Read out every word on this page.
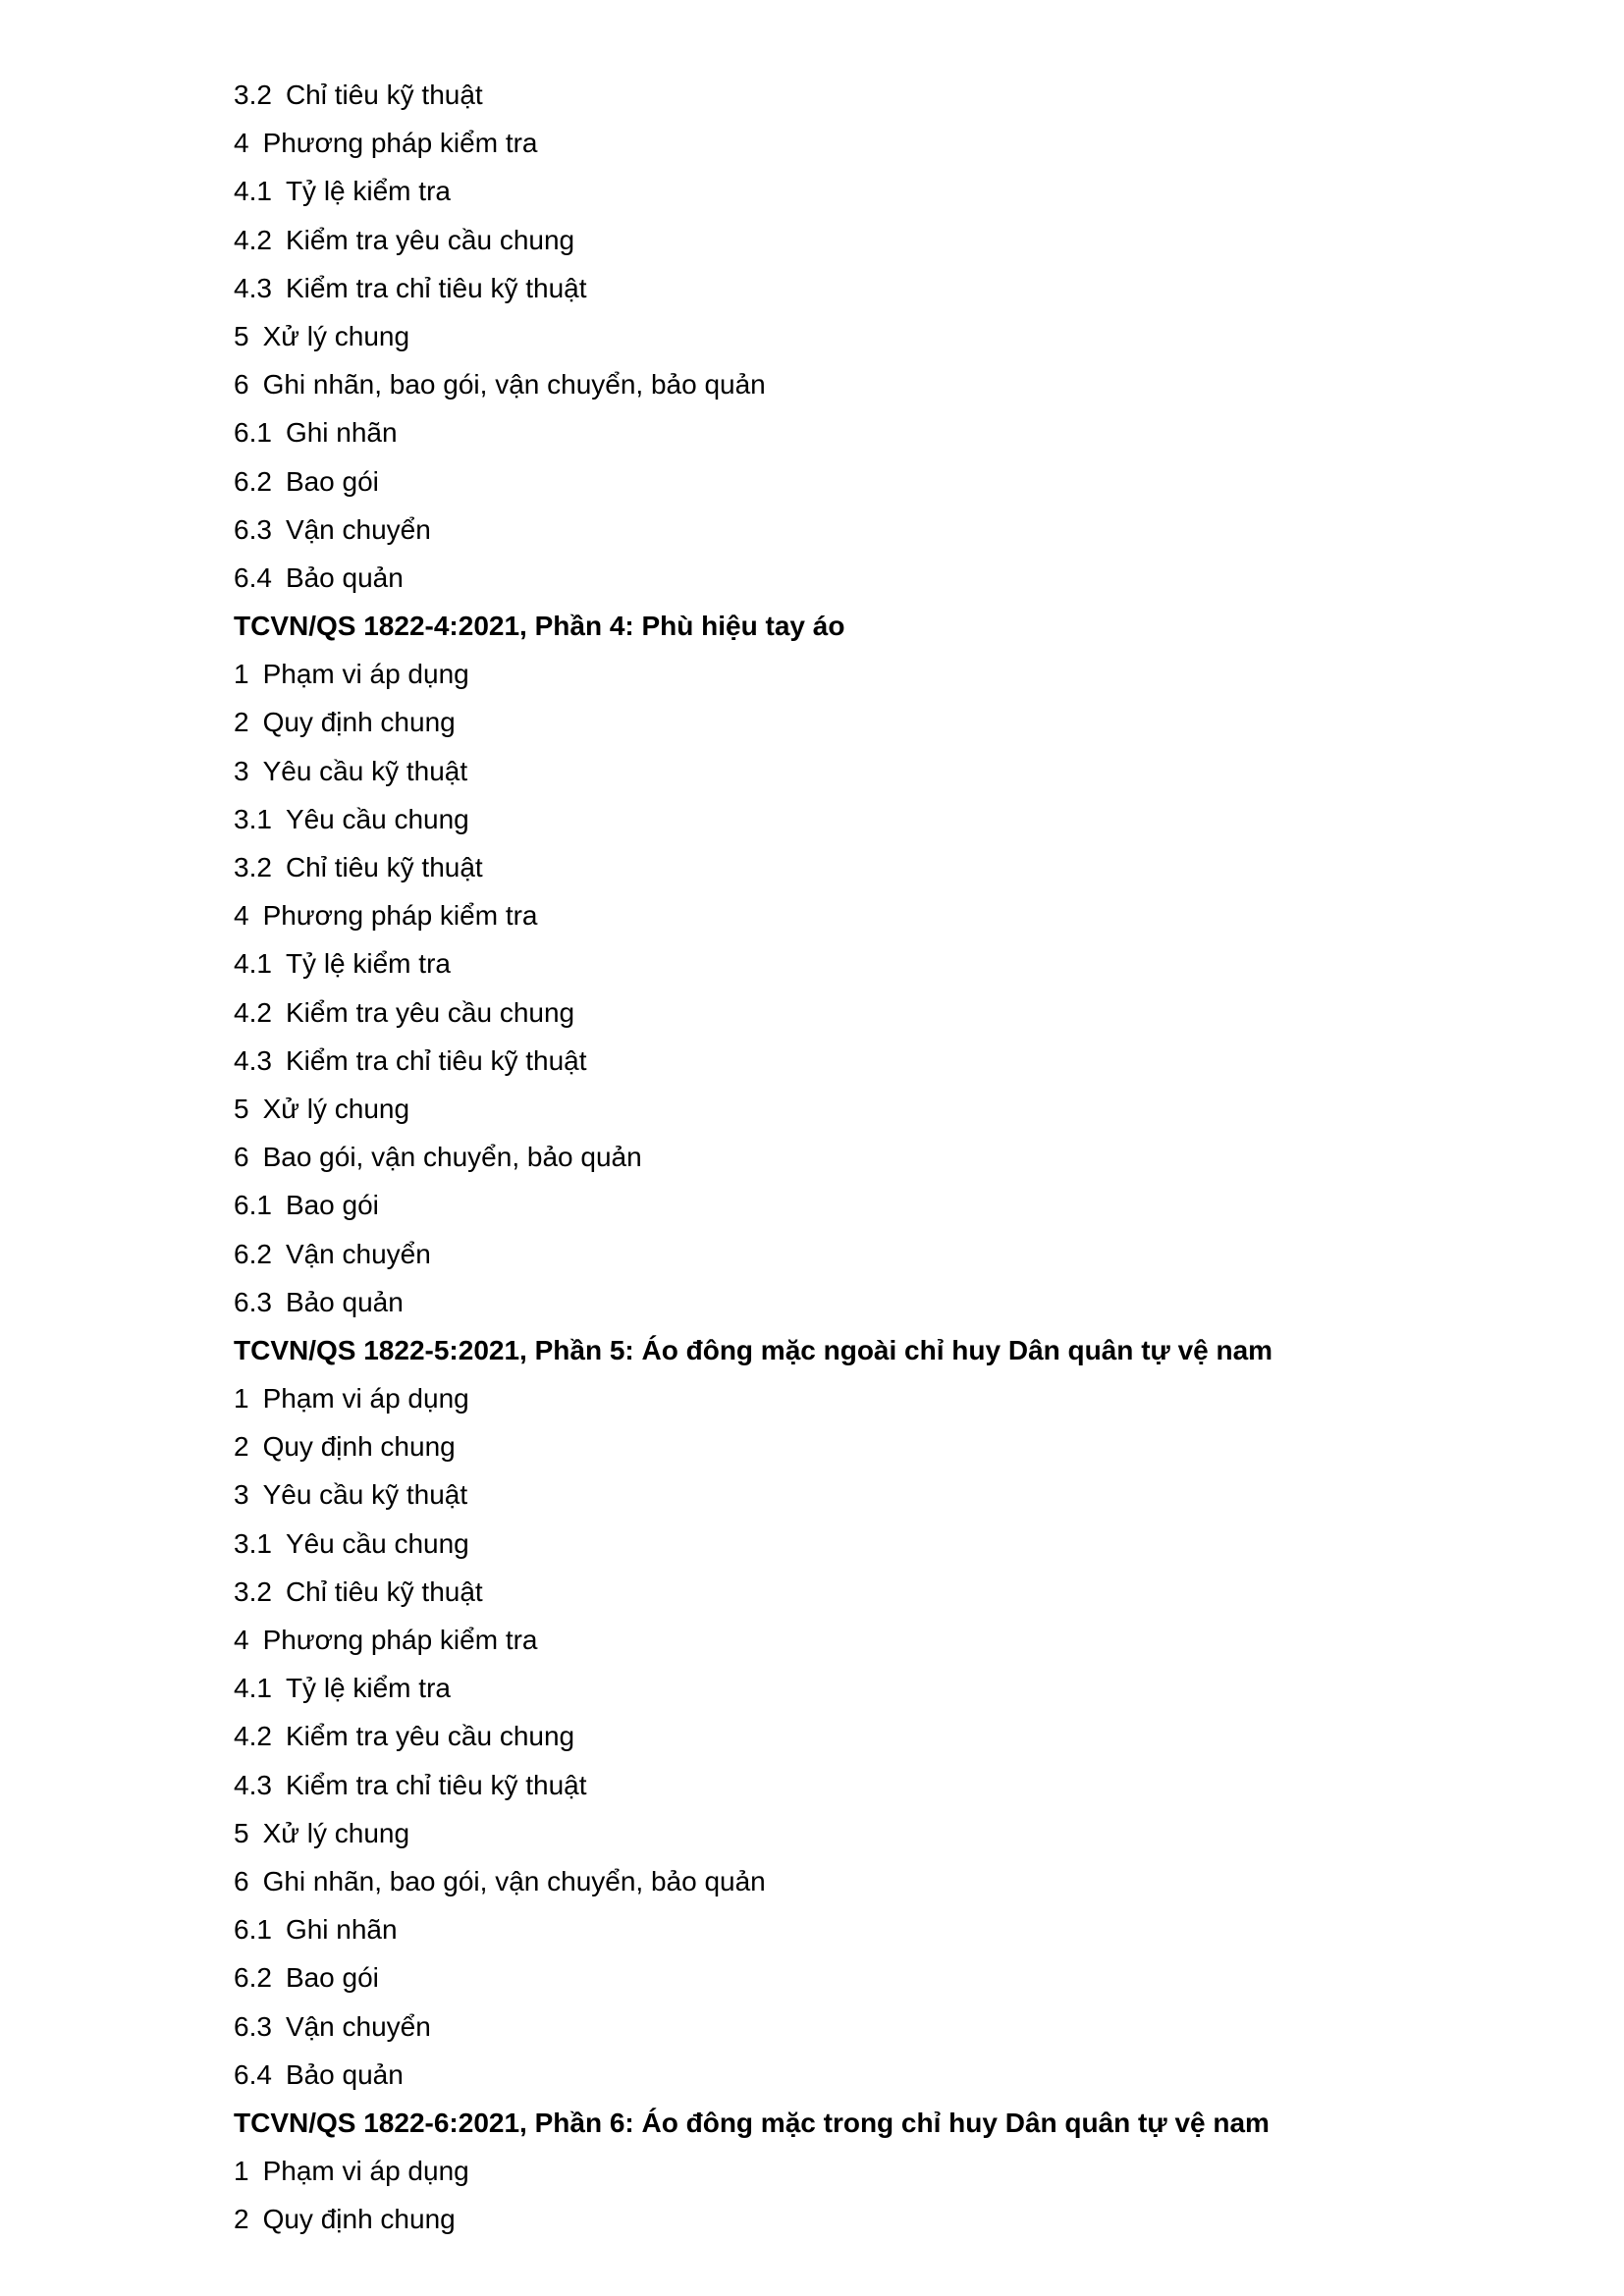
3.2 Chỉ tiêu kỹ thuật
4 Phương pháp kiểm tra
4.1 Tỷ lệ kiểm tra
4.2 Kiểm tra yêu cầu chung
4.3 Kiểm tra chỉ tiêu kỹ thuật
5 Xử lý chung
6 Ghi nhãn, bao gói, vận chuyển, bảo quản
6.1 Ghi nhãn
6.2 Bao gói
6.3 Vận chuyển
6.4 Bảo quản
TCVN/QS 1822-4:2021, Phần 4: Phù hiệu tay áo
1 Phạm vi áp dụng
2 Quy định chung
3 Yêu cầu kỹ thuật
3.1 Yêu cầu chung
3.2 Chỉ tiêu kỹ thuật
4 Phương pháp kiểm tra
4.1 Tỷ lệ kiểm tra
4.2 Kiểm tra yêu cầu chung
4.3 Kiểm tra chỉ tiêu kỹ thuật
5 Xử lý chung
6 Bao gói, vận chuyển, bảo quản
6.1 Bao gói
6.2 Vận chuyển
6.3 Bảo quản
TCVN/QS 1822-5:2021, Phần 5: Áo đông mặc ngoài chỉ huy Dân quân tự vệ nam
1 Phạm vi áp dụng
2 Quy định chung
3 Yêu cầu kỹ thuật
3.1 Yêu cầu chung
3.2 Chỉ tiêu kỹ thuật
4 Phương pháp kiểm tra
4.1 Tỷ lệ kiểm tra
4.2 Kiểm tra yêu cầu chung
4.3 Kiểm tra chỉ tiêu kỹ thuật
5 Xử lý chung
6 Ghi nhãn, bao gói, vận chuyển, bảo quản
6.1 Ghi nhãn
6.2 Bao gói
6.3 Vận chuyển
6.4 Bảo quản
TCVN/QS 1822-6:2021, Phần 6: Áo đông mặc trong chỉ huy Dân quân tự vệ nam
1 Phạm vi áp dụng
2 Quy định chung
